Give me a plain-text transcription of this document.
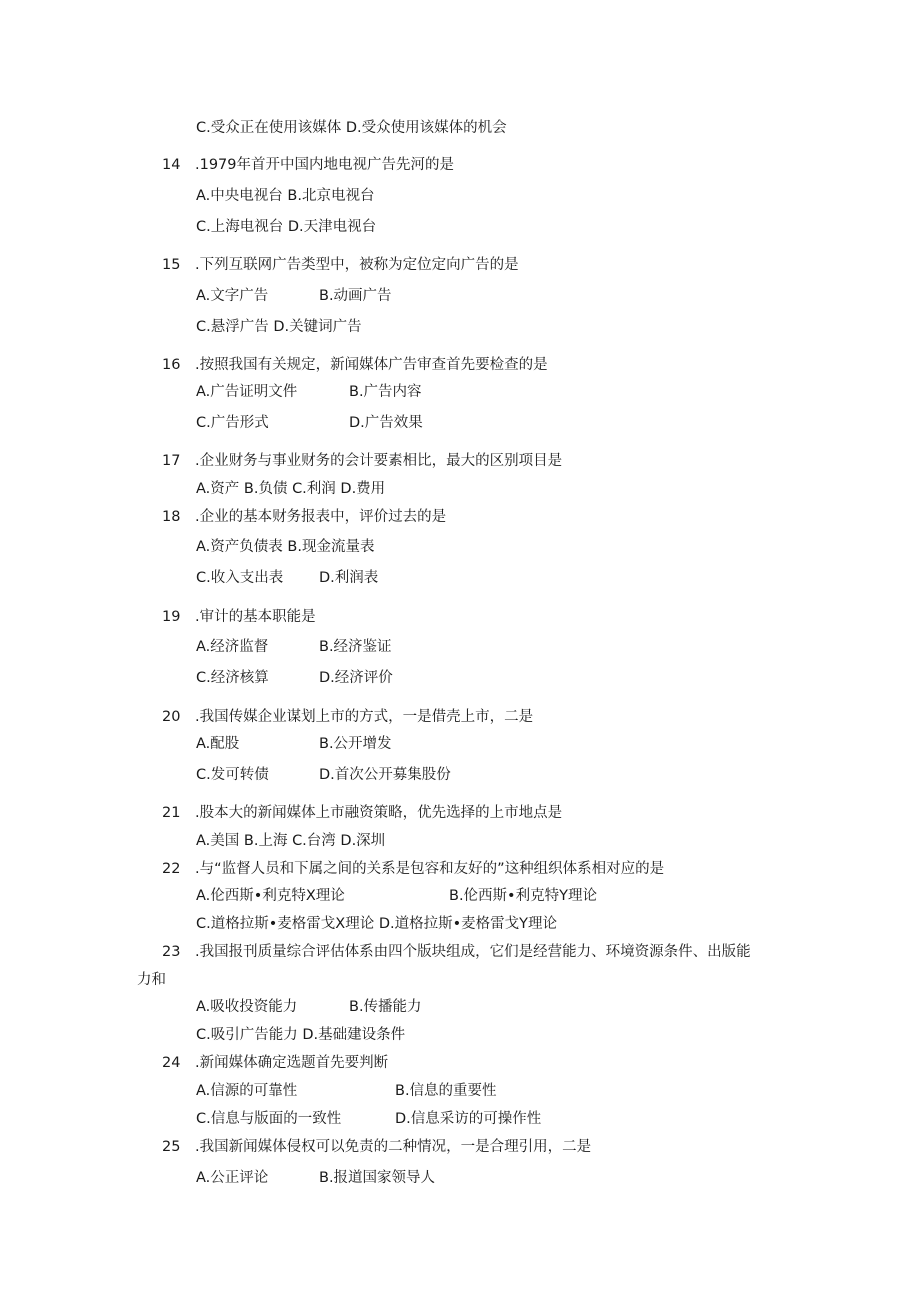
C.受众正在使用该媒体 D.受众使用该媒体的机会
14 .1979年首开中国内地电视广告先河的是
A.中央电视台 B.北京电视台
C.上海电视台 D.天津电视台
15 .下列互联网广告类型中，被称为定位定向广告的是
A.文字广告	B.动画广告
C.悬浮广告 D.关键词广告
16 .按照我国有关规定，新闻媒体广告审查首先要检查的是
A.广告证明文件	B.广告内容
C.广告形式	D.广告效果
17 .企业财务与事业财务的会计要素相比，最大的区别项目是
A.资产 B.负债 C.利润 D.费用
18 .企业的基本财务报表中，评价过去的是
A.资产负债表 B.现金流量表
C.收入支出表 D.利润表
19 .审计的基本职能是
A.经济监督	B.经济鉴证
C.经济核算	D.经济评价
20 .我国传媒企业谋划上市的方式，一是借壳上市，二是
A.配股	B.公开增发
C.发可转债	D.首次公开募集股份
21 .股本大的新闻媒体上市融资策略，优先选择的上市地点是
A.美国 B.上海 C.台湾 D.深圳
22 .与“监督人员和下属之间的关系是包容和友好的”这种组织体系相对应的是
A.伦西斯•利克特X理论	B.伦西斯•利克特Y理论
C.道格拉斯•麦格雷戈X理论 D.道格拉斯•麦格雷戈Y理论
23 .我国报刊质量综合评估体系由四个版块组成，它们是经营能力、环境资源条件、出版能
力和
A.吸收投资能力	B.传播能力
C.吸引广告能力 D.基础建设条件
24 .新闻媒体确定选题首先要判断
A.信源的可靠性	B.信息的重要性
C.信息与版面的一致性	D.信息采访的可操作性
25 .我国新闻媒体侵权可以免责的二种情况，一是合理引用，二是
A.公正评论	B.报道国家领导人
